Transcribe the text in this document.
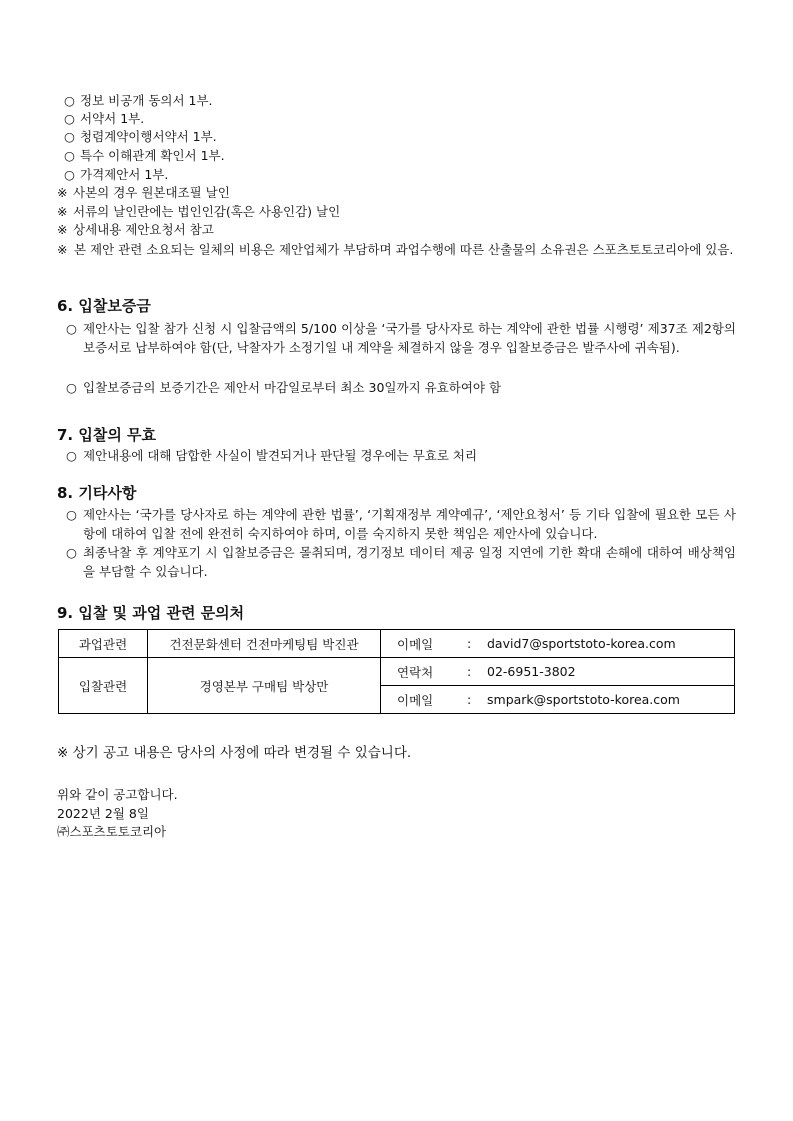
○ 정보 비공개 동의서 1부.
○ 서약서 1부.
○ 청렴계약이행서약서 1부.
○ 특수 이해관계 확인서 1부.
○ 가격제안서 1부.
※ 사본의 경우 원본대조필 날인
※ 서류의 날인란에는 법인인감(혹은 사용인감) 날인
※ 상세내용 제안요청서 참고
※ 본 제안 관련 소요되는 일체의 비용은 제안업체가 부담하며 과업수행에 따른 산출물의 소유권은 스포츠토토코리아에 있음.
6. 입찰보증금
○ 제안사는 입찰 참가 신청 시 입찰금액의 5/100 이상을 ‘국가를 당사자로 하는 계약에 관한 법률 시행령’ 제37조 제2항의 보증서로 납부하여야 함(단, 낙찰자가 소정기일 내 계약을 체결하지 않을 경우 입찰보증금은 발주사에 귀속됨).
○ 입찰보증금의 보증기간은 제안서 마감일로부터 최소 30일까지 유효하여야 함
7. 입찰의 무효
○ 제안내용에 대해 담합한 사실이 발견되거나 판단될 경우에는 무효로 처리
8. 기타사항
○ 제안사는 ‘국가를 당사자로 하는 계약에 관한 법률’, ‘기획재정부 계약예규’, ‘제안요청서’ 등 기타 입찰에 필요한 모든 사항에 대하여 입찰 전에 완전히 숙지하여야 하며, 이를 숙지하지 못한 책임은 제안사에 있습니다.
○ 최종낙찰 후 계약포기 시 입찰보증금은 몰취되며, 경기정보 데이터 제공 일정 지연에 기한 확대 손해에 대하여 배상책임을 부담할 수 있습니다.
9. 입찰 및 과업 관련 문의처
과업관련	건전문화센터 건전마케팅팀 박진관	이메일	:	david7@sportstoto-korea.com
입찰관련	경영본부 구매팀 박상만	연락처	:	02-6951-3802
		이메일	:	smpark@sportstoto-korea.com
※ 상기 공고 내용은 당사의 사정에 따라 변경될 수 있습니다.
위와 같이 공고합니다.
2022년 2월 8일
㈜스포츠토토코리아
